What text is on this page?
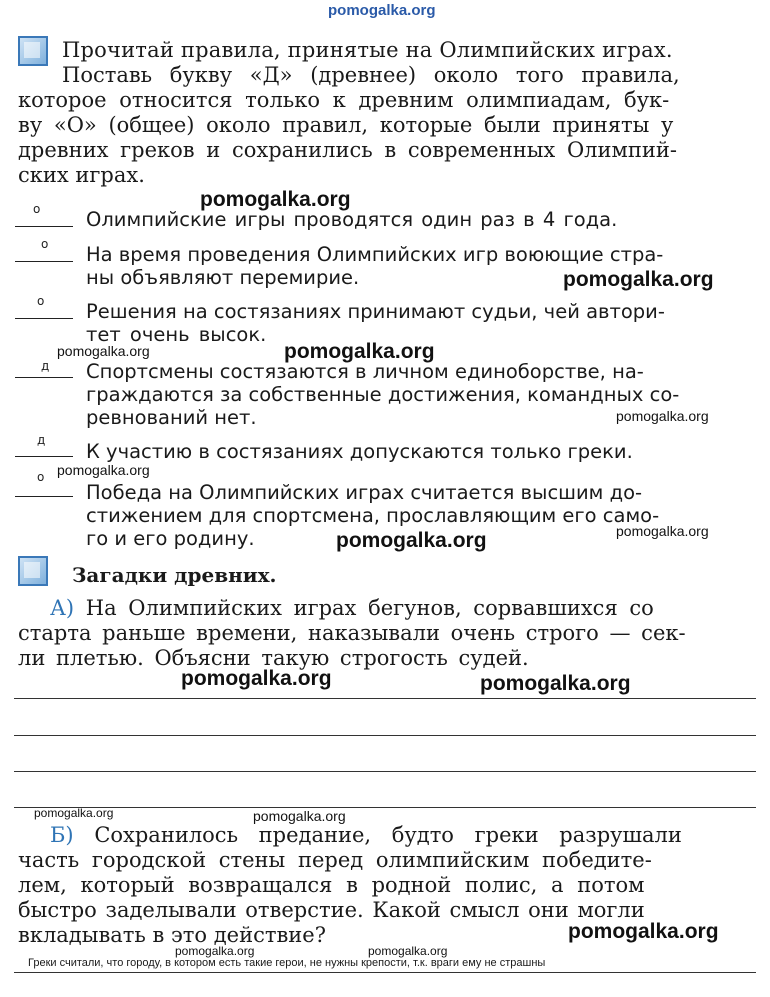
pomogalka.org
Прочитай правила, принятые на Олимпийских играх.
Поставь букву «Д» (древнее) около того правила,
которое относится только к древним олимпиадам, бук-
ву «О» (общее) около правил, которые были приняты у
древних греков и сохранились в современных Олимпий-
ских играх.
pomogalka.org
о Олимпийские игры проводятся один раз в 4 года.
о На время проведения Олимпийских игр воюющие стра-
ны объявляют перемирие.	pomogalka.org
о Решения на состязаниях принимают судьи, чей автори-
тет очень высок.
pomogalka.org	pomogalka.org
д Спортсмены состязаются в личном единоборстве, на-
граждаются за собственные достижения, командных со-
ревнований нет.	pomogalka.org
д К участию в состязаниях допускаются только греки.
pomogalka.org
о
Победа на Олимпийских играх считается высшим до-
стижением для спортсмена, прославляющим его само-
го и его родину.	pomogalka.org
pomogalka.org
Загадки древних.
А) На Олимпийских играх бегунов, сорвавшихся со
старта раньше времени, наказывали очень строго — сек-
ли плетью. Объясни такую строгость судей.
pomogalka.org	pomogalka.org
pomogalka.org	pomogalka.org
Б) Сохранилось предание, будто греки разрушали
часть городской стены перед олимпийским победите-
лем, который возвращался в родной полис, а потом
быстро заделывали отверстие. Какой смысл они могли
вкладывать в это действие?	pomogalka.org
pomogalka.org	pomogalka.org
Греки считали, что городу, в котором есть такие герои, не нужны крепости, т.к. враги ему не страшны
